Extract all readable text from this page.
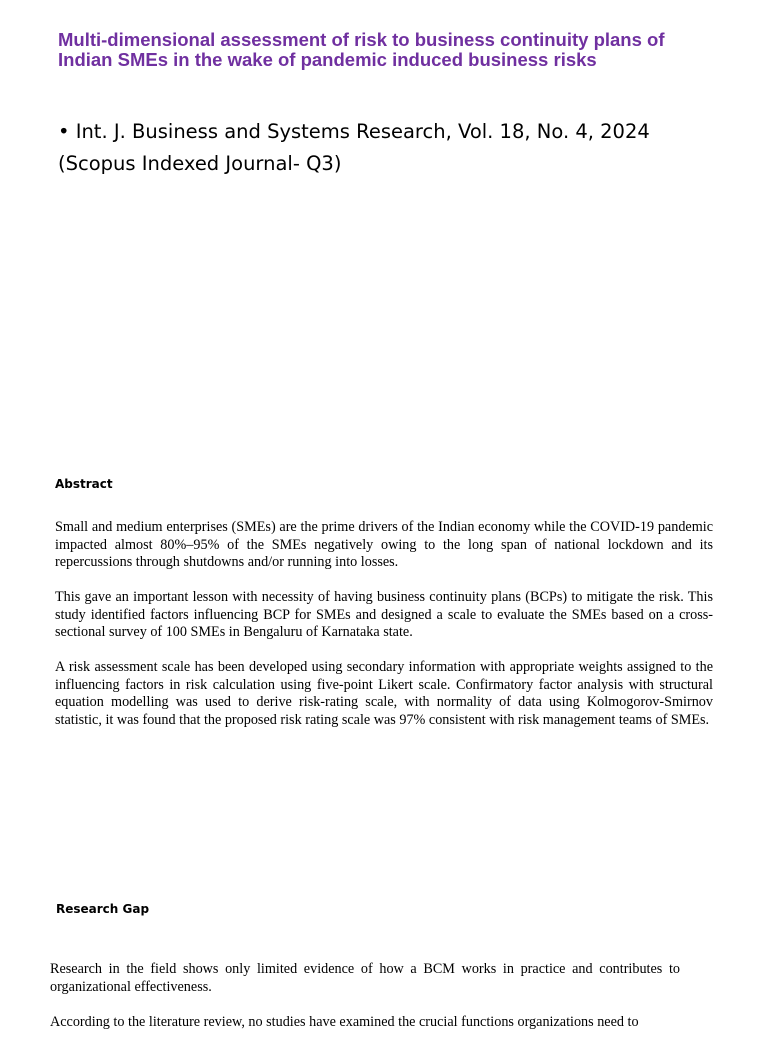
Multi-dimensional assessment of risk to business continuity plans of Indian SMEs in the wake of pandemic induced business risks
• Int. J. Business and Systems Research, Vol. 18, No. 4, 2024
(Scopus Indexed Journal- Q3)
Abstract

Small and medium enterprises (SMEs) are the prime drivers of the Indian economy while the COVID-19 pandemic impacted almost 80%–95% of the SMEs negatively owing to the long span of national lockdown and its repercussions through shutdowns and/or running into losses.

This gave an important lesson with necessity of having business continuity plans (BCPs) to mitigate the risk. This study identified factors influencing BCP for SMEs and designed a scale to evaluate the SMEs based on a cross-sectional survey of 100 SMEs in Bengaluru of Karnataka state.

A risk assessment scale has been developed using secondary information with appropriate weights assigned to the influencing factors in risk calculation using five-point Likert scale. Confirmatory factor analysis with structural equation modelling was used to derive risk-rating scale, with normality of data using Kolmogorov-Smirnov statistic, it was found that the proposed risk rating scale was 97% consistent with risk management teams of SMEs.

Research Gap

Research in the field shows only limited evidence of how a BCM works in practice and contributes to organizational effectiveness.

According to the literature review, no studies have examined the crucial functions organizations need to
